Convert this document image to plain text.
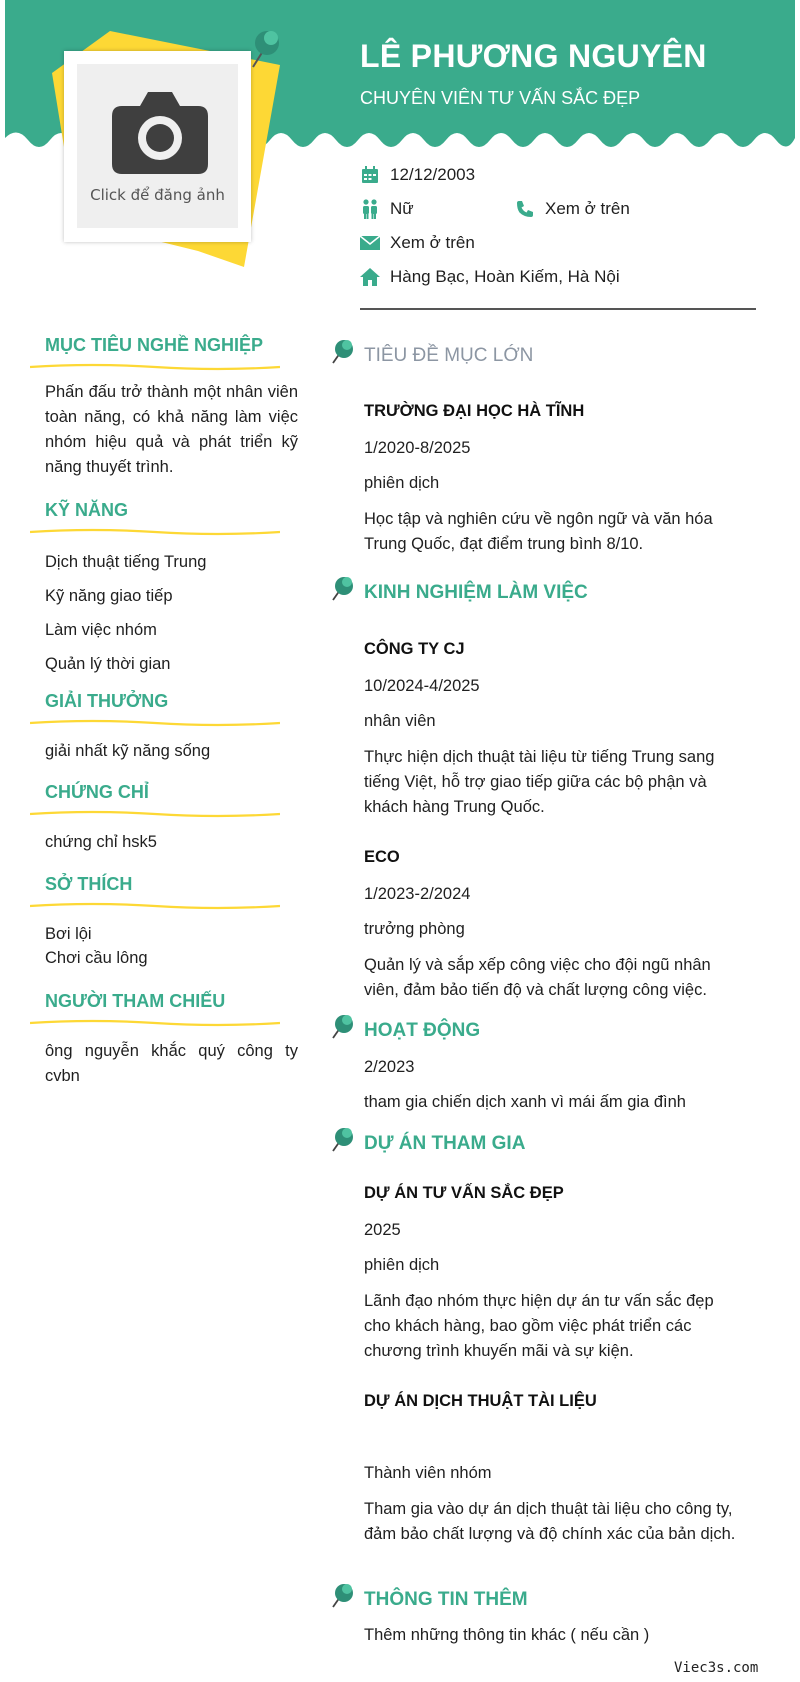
LÊ PHƯƠNG NGUYÊN
CHUYÊN VIÊN TƯ VẤN SẮC ĐẸP
Click để đăng ảnh
12/12/2003
Nữ	Xem ở trên
Xem ở trên
Hàng Bạc, Hoàn Kiếm, Hà Nội
MỤC TIÊU NGHỀ NGHIỆP
Phấn đấu trở thành một nhân viên toàn năng, có khả năng làm việc nhóm hiệu quả và phát triển kỹ năng thuyết trình.
KỸ NĂNG
Dịch thuật tiếng Trung
Kỹ năng giao tiếp
Làm việc nhóm
Quản lý thời gian
GIẢI THƯỞNG
giải nhất kỹ năng sống
CHỨNG CHỈ
chứng chỉ hsk5
SỞ THÍCH
Bơi lội
Chơi cầu lông
NGƯỜI THAM CHIẾU
ông nguyễn khắc quý công ty cvbn
TIÊU ĐỀ MỤC LỚN
TRƯỜNG ĐẠI HỌC HÀ TĨNH
1/2020-8/2025
phiên dịch
Học tập và nghiên cứu về ngôn ngữ và văn hóa Trung Quốc, đạt điểm trung bình 8/10.
KINH NGHIỆM LÀM VIỆC
CÔNG TY CJ
10/2024-4/2025
nhân viên
Thực hiện dịch thuật tài liệu từ tiếng Trung sang tiếng Việt, hỗ trợ giao tiếp giữa các bộ phận và khách hàng Trung Quốc.
ECO
1/2023-2/2024
trưởng phòng
Quản lý và sắp xếp công việc cho đội ngũ nhân viên, đảm bảo tiến độ và chất lượng công việc.
HOẠT ĐỘNG
2/2023
tham gia chiến dịch xanh vì mái ấm gia đình
DỰ ÁN THAM GIA
DỰ ÁN TƯ VẤN SẮC ĐẸP
2025
phiên dịch
Lãnh đạo nhóm thực hiện dự án tư vấn sắc đẹp cho khách hàng, bao gồm việc phát triển các chương trình khuyến mãi và sự kiện.
DỰ ÁN DỊCH THUẬT TÀI LIỆU
Thành viên nhóm
Tham gia vào dự án dịch thuật tài liệu cho công ty, đảm bảo chất lượng và độ chính xác của bản dịch.
THÔNG TIN THÊM
Thêm những thông tin khác ( nếu cần )
Viec3s.com
